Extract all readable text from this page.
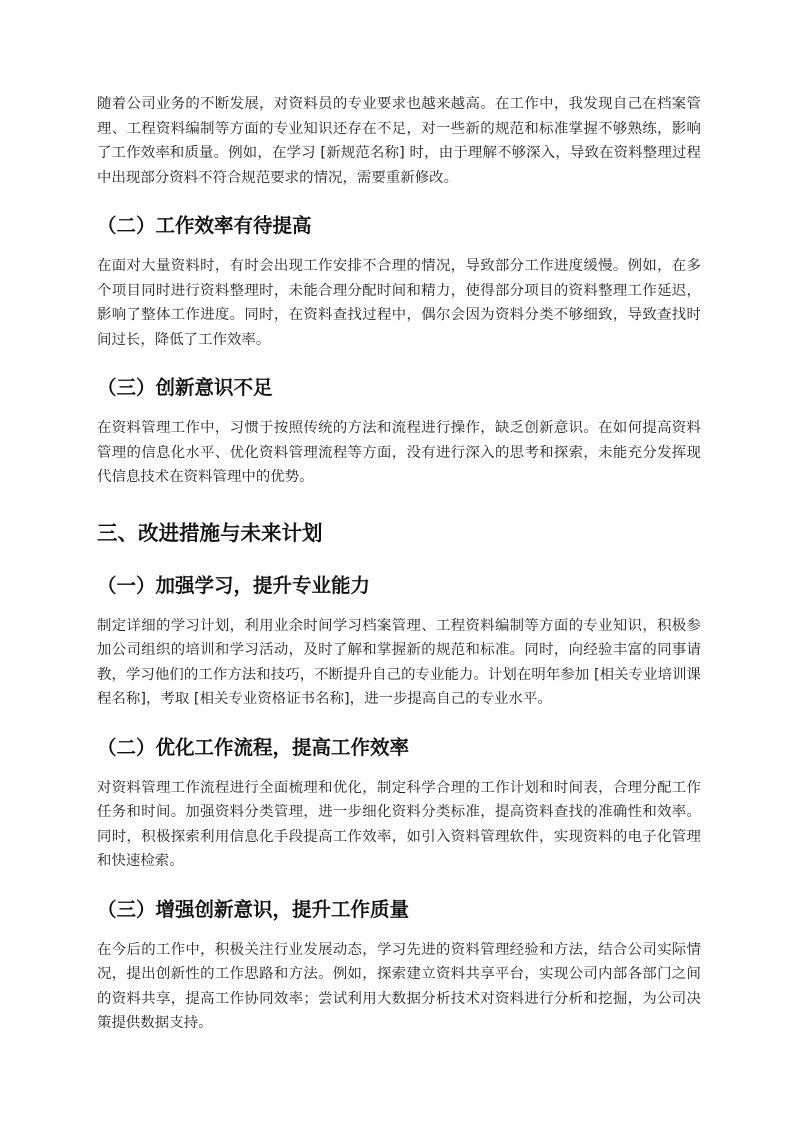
随着公司业务的不断发展，对资料员的专业要求也越来越高。在工作中，我发现自己在档案管理、工程资料编制等方面的专业知识还存在不足，对一些新的规范和标准掌握不够熟练，影响了工作效率和质量。例如，在学习 [新规范名称] 时，由于理解不够深入，导致在资料整理过程中出现部分资料不符合规范要求的情况，需要重新修改。

（二）工作效率有待提高

在面对大量资料时，有时会出现工作安排不合理的情况，导致部分工作进度缓慢。例如，在多个项目同时进行资料整理时，未能合理分配时间和精力，使得部分项目的资料整理工作延迟，影响了整体工作进度。同时，在资料查找过程中，偶尔会因为资料分类不够细致，导致查找时间过长，降低了工作效率。

（三）创新意识不足

在资料管理工作中，习惯于按照传统的方法和流程进行操作，缺乏创新意识。在如何提高资料管理的信息化水平、优化资料管理流程等方面，没有进行深入的思考和探索，未能充分发挥现代信息技术在资料管理中的优势。

三、改进措施与未来计划
（一）加强学习，提升专业能力

制定详细的学习计划，利用业余时间学习档案管理、工程资料编制等方面的专业知识，积极参加公司组织的培训和学习活动，及时了解和掌握新的规范和标准。同时，向经验丰富的同事请教，学习他们的工作方法和技巧，不断提升自己的专业能力。计划在明年参加 [相关专业培训课程名称]，考取 [相关专业资格证书名称]，进一步提高自己的专业水平。

（二）优化工作流程，提高工作效率

对资料管理工作流程进行全面梳理和优化，制定科学合理的工作计划和时间表，合理分配工作任务和时间。加强资料分类管理，进一步细化资料分类标准，提高资料查找的准确性和效率。同时，积极探索利用信息化手段提高工作效率，如引入资料管理软件，实现资料的电子化管理和快速检索。

（三）增强创新意识，提升工作质量

在今后的工作中，积极关注行业发展动态，学习先进的资料管理经验和方法，结合公司实际情况，提出创新性的工作思路和方法。例如，探索建立资料共享平台，实现公司内部各部门之间的资料共享，提高工作协同效率；尝试利用大数据分析技术对资料进行分析和挖掘，为公司决策提供数据支持。
